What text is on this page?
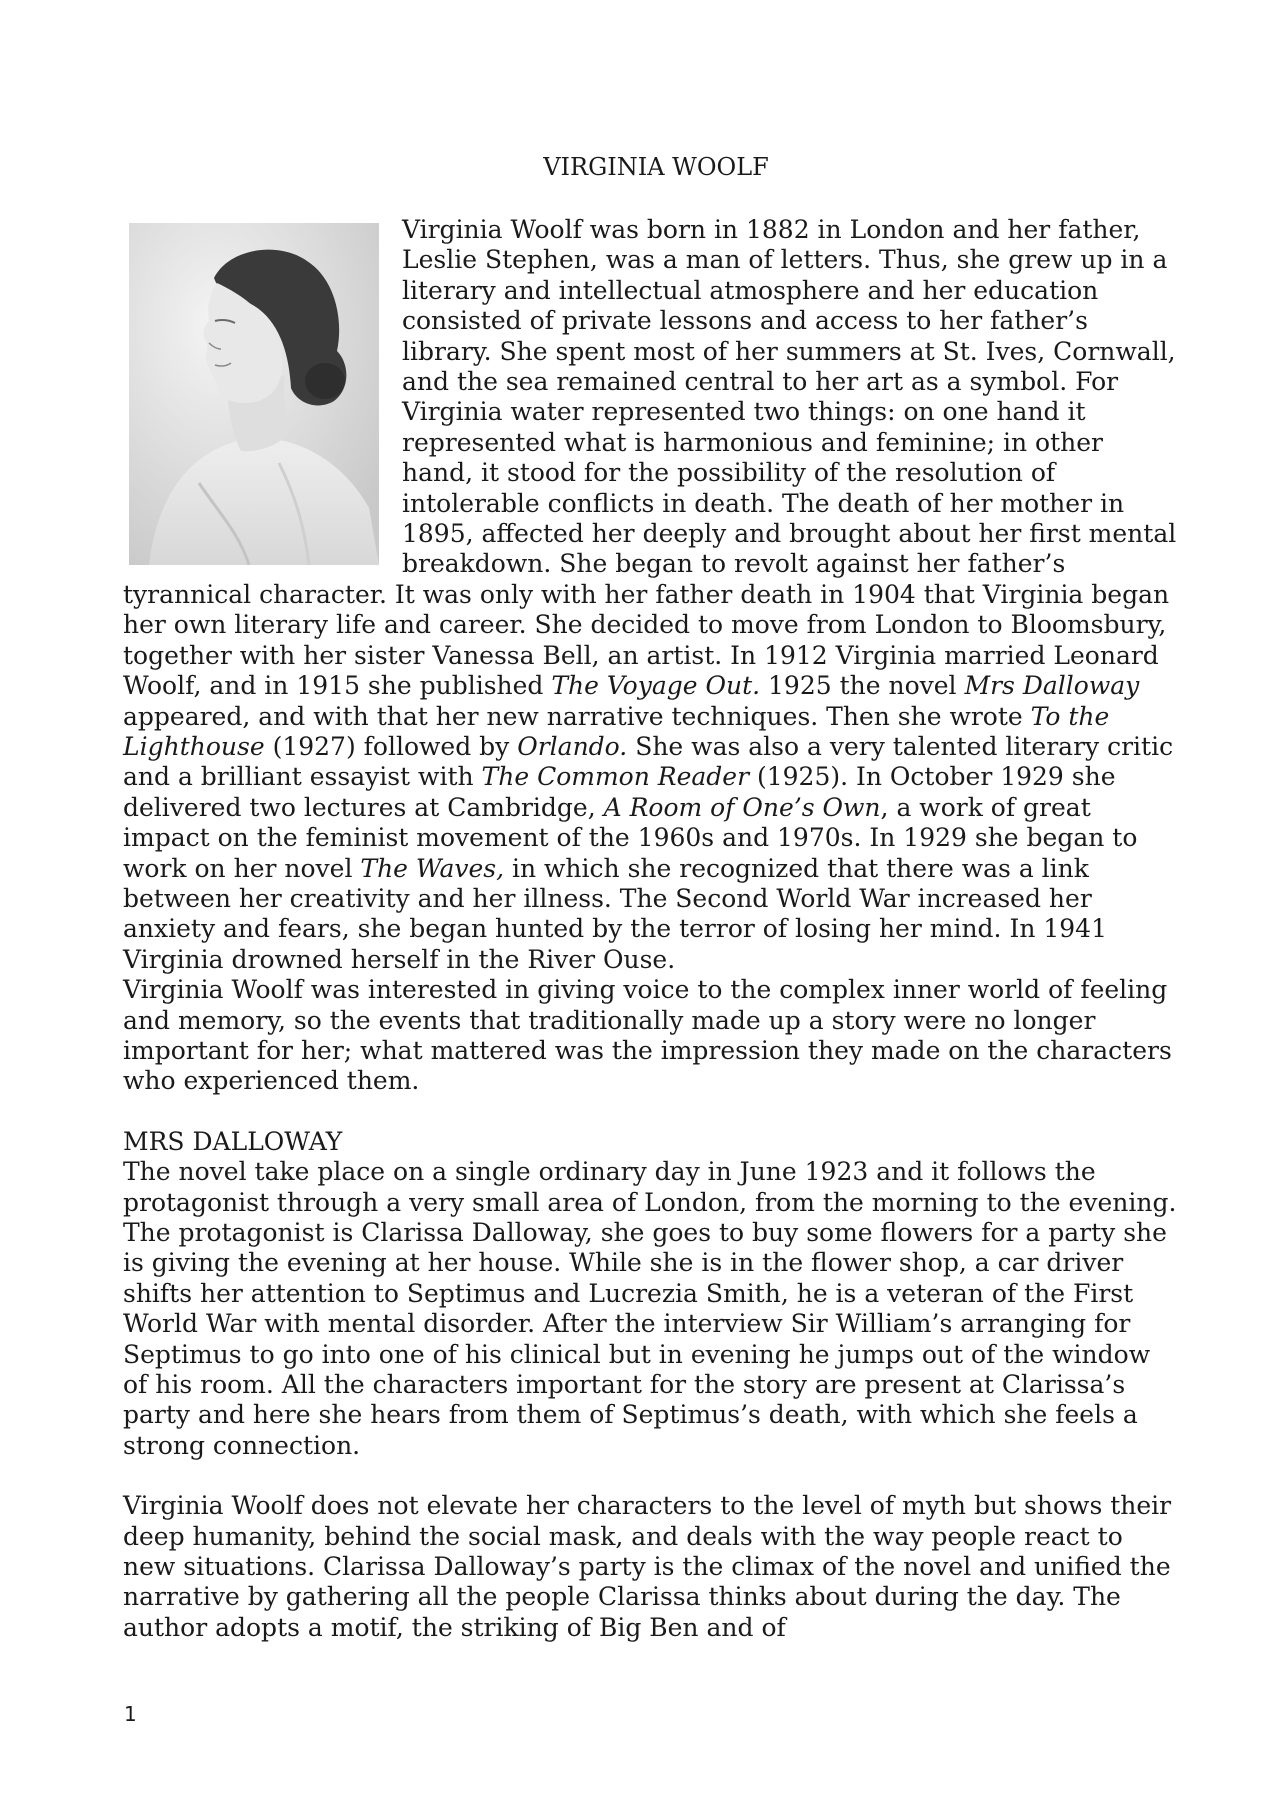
VIRGINIA WOOLF

Virginia Woolf was born in 1882 in London and her father, Leslie Stephen, was a man of letters. Thus, she grew up in a literary and intellectual atmosphere and her education consisted of private lessons and access to her father’s library. She spent most of her summers at St. Ives, Cornwall, and the sea remained central to her art as a symbol. For Virginia water represented two things: on one hand it represented what is harmonious and feminine; in other hand, it stood for the possibility of the resolution of intolerable conflicts in death. The death of her mother in 1895, affected her deeply and brought about her first mental breakdown. She began to revolt against her father’s tyrannical character. It was only with her father death in 1904 that Virginia began her own literary life and career. She decided to move from London to Bloomsbury, together with her sister Vanessa Bell, an artist. In 1912 Virginia married Leonard Woolf, and in 1915 she published The Voyage Out. 1925 the novel Mrs Dalloway appeared, and with that her new narrative techniques. Then she wrote To the Lighthouse (1927) followed by Orlando. She was also a very talented literary critic and a brilliant essayist with The Common Reader (1925). In October 1929 she delivered two lectures at Cambridge, A Room of One’s Own, a work of great impact on the feminist movement of the 1960s and 1970s. In 1929 she began to work on her novel The Waves, in which she recognized that there was a link between her creativity and her illness. The Second World War increased her anxiety and fears, she began hunted by the terror of losing her mind. In 1941 Virginia drowned herself in the River Ouse.

Virginia Woolf was interested in giving voice to the complex inner world of feeling and memory, so the events that traditionally made up a story were no longer important for her; what mattered was the impression they made on the characters who experienced them.

MRS DALLOWAY

The novel take place on a single ordinary day in June 1923 and it follows the protagonist through a very small area of London, from the morning to the evening. The protagonist is Clarissa Dalloway, she goes to buy some flowers for a party she is giving the evening at her house. While she is in the flower shop, a car driver shifts her attention to Septimus and Lucrezia Smith, he is a veteran of the First World War with mental disorder. After the interview Sir William’s arranging for Septimus to go into one of his clinical but in evening he jumps out of the window of his room. All the characters important for the story are present at Clarissa’s party and here she hears from them of Septimus’s death, with which she feels a strong connection.

Virginia Woolf does not elevate her characters to the level of myth but shows their deep humanity, behind the social mask, and deals with the way people react to new situations. Clarissa Dalloway’s party is the climax of the novel and unified the narrative by gathering all the people Clarissa thinks about during the day. The author adopts a motif, the striking of Big Ben and of

1
